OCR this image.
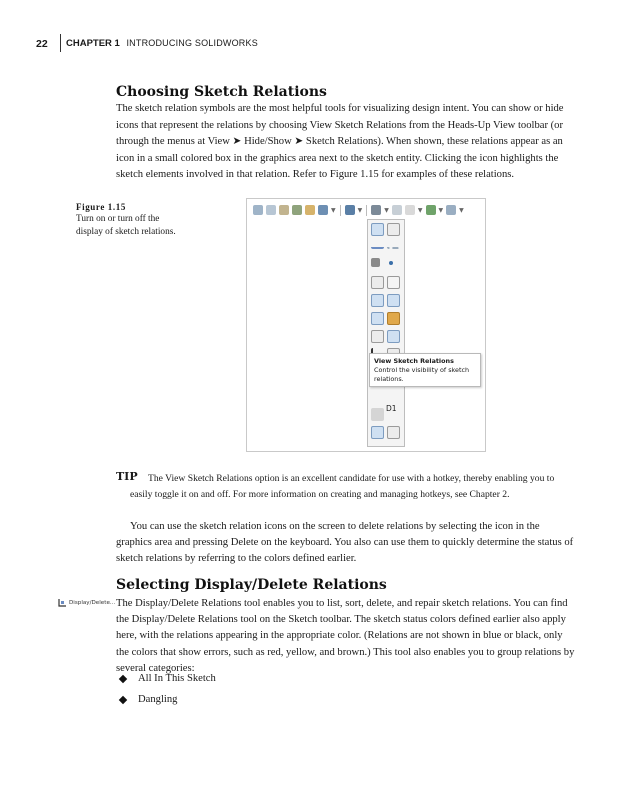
22 CHAPTER 1 INTRODUCING SOLIDWORKS
Choosing Sketch Relations
The sketch relation symbols are the most helpful tools for visualizing design intent. You can show or hide icons that represent the relations by choosing View Sketch Relations from the Heads-Up View toolbar (or through the menus at View ➤ Hide/Show ➤ Sketch Relations). When shown, these relations appear as an icon in a small colored box in the graphics area next to the sketch entity. Clicking the icon highlights the sketch elements involved in that relation. Refer to Figure 1.15 for examples of these relations.
Figure 1.15
Turn on or turn off the display of sketch relations.
▼	▼	▼	▼	▼	▼
View Sketch Relations
Control the visibility of sketch relations.
D1
TIP	The View Sketch Relations option is an excellent candidate for use with a hotkey, thereby enabling you to easily toggle it on and off. For more information on creating and managing hotkeys, see Chapter 2.
You can use the sketch relation icons on the screen to delete relations by selecting the icon in the graphics area and pressing Delete on the keyboard. You also can use them to quickly determine the status of sketch relations by referring to the colors defined earlier.
Selecting Display/Delete Relations
Display/Delete... The Display/Delete Relations tool enables you to list, sort, delete, and repair sketch relations. You can find the Display/Delete Relations tool on the Sketch toolbar. The sketch status colors defined earlier also apply here, with the relations appearing in the appropriate color. (Relations are not shown in blue or black, only the colors that show errors, such as red, yellow, and brown.) This tool also enables you to group relations by several categories:
All In This Sketch
Dangling
